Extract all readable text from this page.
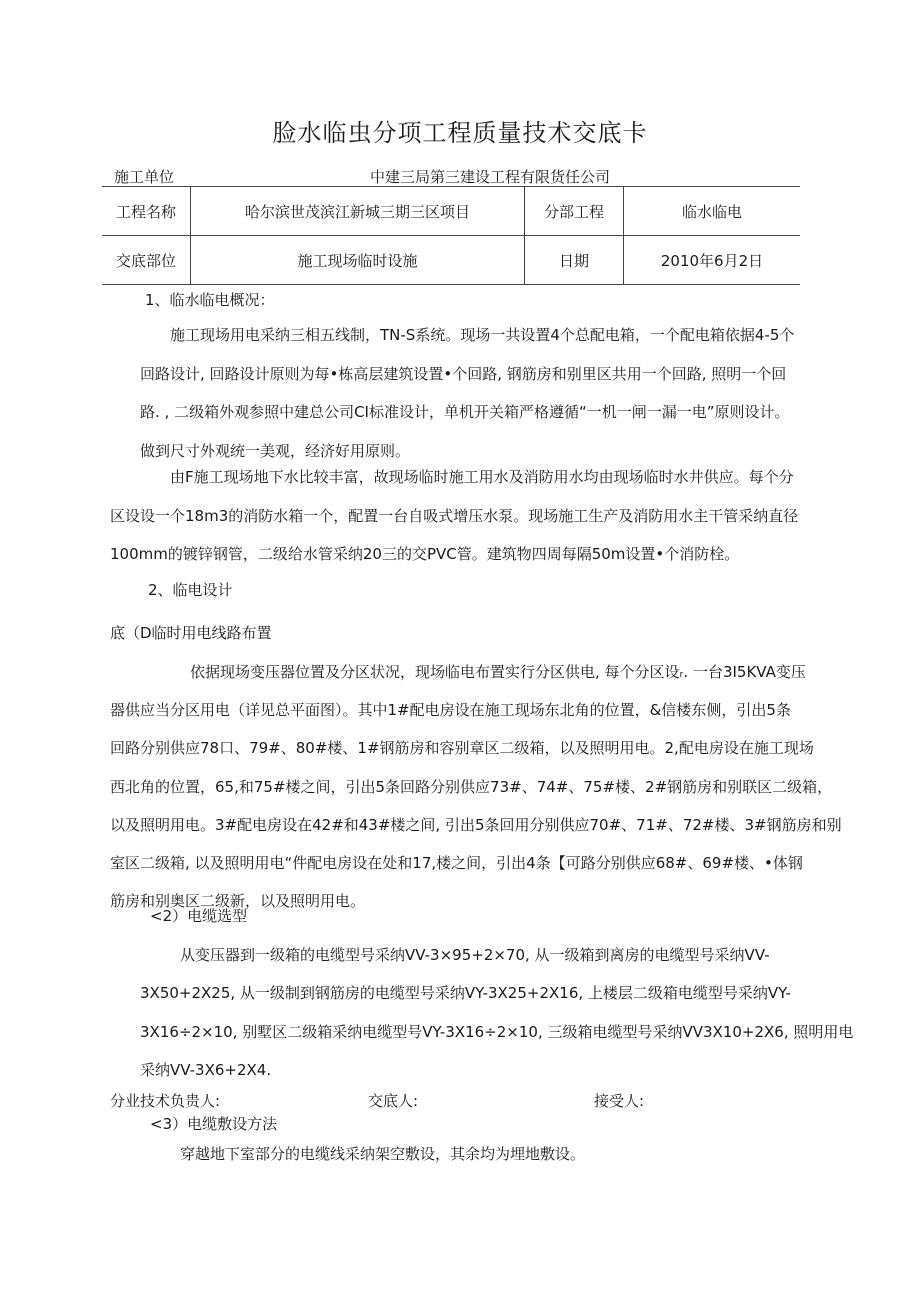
脸水临虫分项工程质量技术交底卡
施工单位	中建三局第三建设工程有限货任公司
工程名称	哈尔滨世茂滨江新城三期三区项目	分部工程	临水临电
交底部位	施工现场临时设施	日期	2010年6月2日
1、临水临电概况：
施工现场用电采纳三相五线制，TN-S系统。现场一共设置4个总配电箱，一个配电箱依据4-5个
回路设计, 回路设计原则为每•栋高层建筑设置•个回路, 钢筋房和别里区共用一个回路, 照明一个回
路. , 二级箱外观参照中建总公司CI标准设计，单机开关箱严格遵循“一机一闸一漏一电”原则设计。
做到尺寸外观统一美观，经济好用原则。
由F施工现场地下水比较丰富，故现场临时施工用水及消防用水均由现场临时水井供应。每个分
区设设一个18m3的消防水箱一个，配置一台自吸式增压水泵。现场施工生产及消防用水主干管采纳直径
100mm的镀锌钢管，二级给水管采纳20三的交PVC管。建筑物四周每隔50m设置•个消防栓。
2、临电设计
底（D临时用电线路布置
依据现场变压器位置及分区状况，现场临电布置实行分区供电, 每个分区设ᵣ. 一台3I5KVA变压
器供应当分区用电（详见总平面图）。其中1#配电房设在施工现场东北角的位置，&信楼东侧，引出5条
回路分别供应78口、79#、80#楼、1#钢筋房和容别章区二级箱，以及照明用电。2,配电房设在施工现场
西北角的位置，65,和75#楼之间，引出5条回路分别供应73#、74#、75#楼、2#钢筋房和别联区二级箱，
以及照明用电。3#配电房设在42#和43#楼之间, 引出5条回用分别供应70#、71#、72#楼、3#钢筋房和别
室区二级箱, 以及照明用电“件配电房设在处和17,楼之间，引出4条【可路分别供应68#、69#楼、•体钢
筋房和别奥区二级新，以及照明用电。
<2）电缆选型
从变压器到一级箱的电缆型号采纳VV-3×95+2×70, 从一级箱到离房的电缆型号采纳VV-
3X50+2X25, 从一级制到钢筋房的电缆型号采纳VY-3X25+2X16, 上楼层二级箱电缆型号采纳VY-
3X16÷2×10, 别墅区二级箱采纳电缆型号VY-3X16÷2×10, 三级箱电缆型号采纳VV3X10+2X6, 照明用电
采纳VV-3X6+2X4.
分业技术负贵人:	交底人:	接受人:
<3）电缆敷设方法
穿越地下室部分的电缆线采纳架空敷设，其余均为埋地敷设。
